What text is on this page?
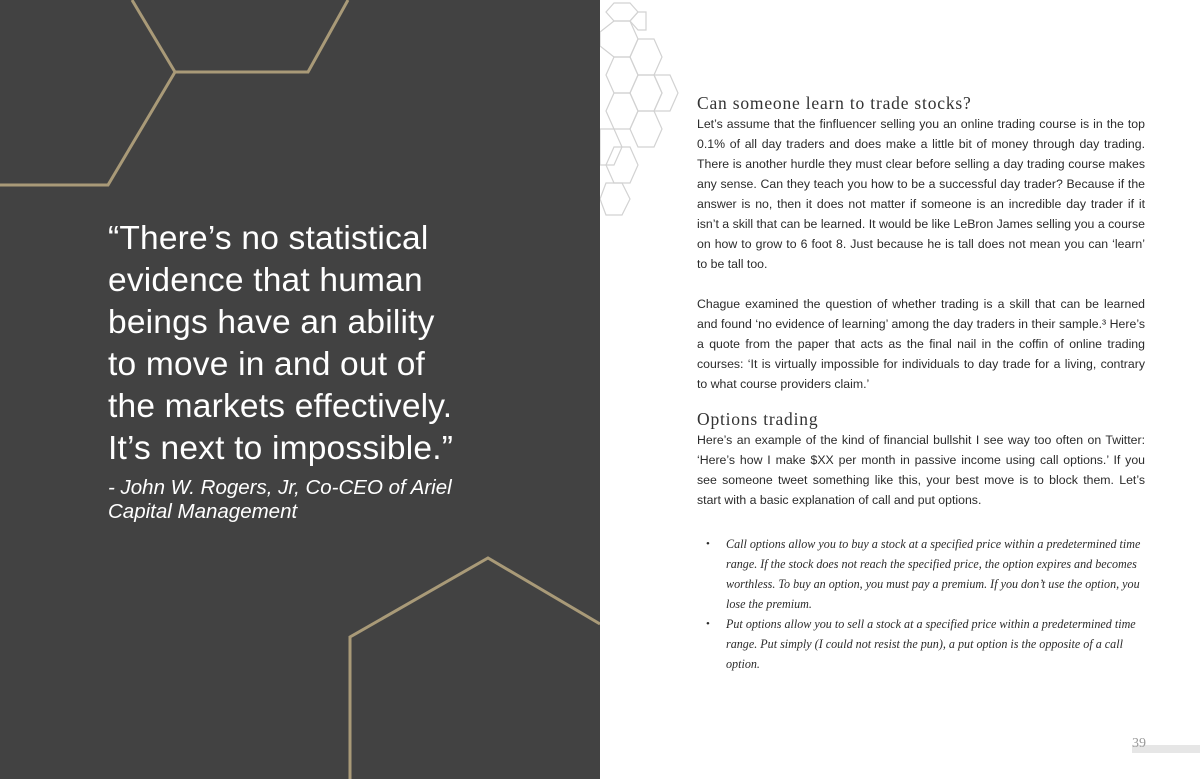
“There’s no statistical
evidence that human
beings have an ability
to move in and out of
the markets effectively.
It’s next to impossible.”

- John W. Rogers, Jr, Co-CEO of Ariel
Capital Management

Can someone learn to trade stocks?

Let’s assume that the finfluencer selling you an online trading course is in the top 0.1% of all day traders and does make a little bit of money through day trading. There is another hurdle they must clear before selling a day trading course makes any sense. Can they teach you how to be a successful day trader? Because if the answer is no, then it does not matter if someone is an incredible day trader if it isn’t a skill that can be learned. It would be like LeBron James selling you a course on how to grow to 6 foot 8. Just because he is tall does not mean you can ‘learn’ to be tall too.

Chague examined the question of whether trading is a skill that can be learned and found ‘no evidence of learning’ among the day traders in their sample.³ Here’s a quote from the paper that acts as the final nail in the coffin of online trading courses: ‘It is virtually impossible for individuals to day trade for a living, contrary to what course providers claim.’

Options trading

Here’s an example of the kind of financial bullshit I see way too often on Twitter: ‘Here’s how I make $XX per month in passive income using call options.’ If you see someone tweet something like this, your best move is to block them. Let’s start with a basic explanation of call and put options.

• Call options allow you to buy a stock at a specified price within a predetermined time range. If the stock does not reach the specified price, the option expires and becomes worthless. To buy an option, you must pay a premium. If you don’t use the option, you lose the premium.
• Put options allow you to sell a stock at a specified price within a predetermined time range. Put simply (I could not resist the pun), a put option is the opposite of a call option.

39
